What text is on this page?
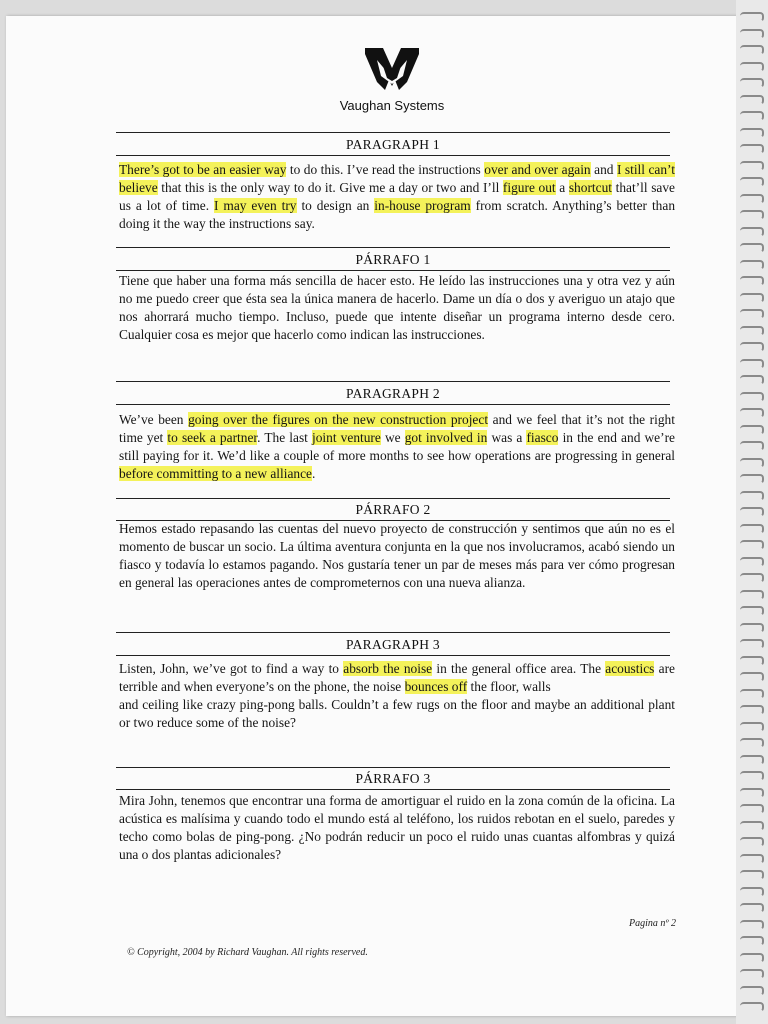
Vaughan Systems
PARAGRAPH 1
There’s got to be an easier way to do this. I’ve read the instructions over and over again and I still can’t believe that this is the only way to do it. Give me a day or two and I’ll figure out a shortcut that’ll save us a lot of time. I may even try to design an in-house program from scratch. Anything’s better than doing it the way the instructions say.
PÁRRAFO 1
Tiene que haber una forma más sencilla de hacer esto. He leído las instrucciones una y otra vez y aún no me puedo creer que ésta sea la única manera de hacerlo. Dame un día o dos y averiguo un atajo que nos ahorrará mucho tiempo. Incluso, puede que intente diseñar un programa interno desde cero. Cualquier cosa es mejor que hacerlo como indican las instrucciones.
PARAGRAPH 2
We’ve been going over the figures on the new construction project and we feel that it’s not the right time yet to seek a partner. The last joint venture we got involved in was a fiasco in the end and we’re still paying for it. We’d like a couple of more months to see how operations are progressing in general before committing to a new alliance.
PÁRRAFO 2
Hemos estado repasando las cuentas del nuevo proyecto de construcción y sentimos que aún no es el momento de buscar un socio. La última aventura conjunta en la que nos involucramos, acabó siendo un fiasco y todavía lo estamos pagando. Nos gustaría tener un par de meses más para ver cómo progresan en general las operaciones antes de comprometernos con una nueva alianza.
PARAGRAPH 3
Listen, John, we’ve got to find a way to absorb the noise in the general office area. The acoustics are terrible and when everyone’s on the phone, the noise bounces off the floor, walls
and ceiling like crazy ping-pong balls. Couldn’t a few rugs on the floor and maybe an additional plant or two reduce some of the noise?
PÁRRAFO 3
Mira John, tenemos que encontrar una forma de amortiguar el ruido en la zona común de la oficina. La acústica es malísima y cuando todo el mundo está al teléfono, los ruidos rebotan en el suelo, paredes y techo como bolas de ping-pong. ¿No podrán reducir un poco el ruido unas cuantas alfombras y quizá una o dos plantas adicionales?
Pagina nº 2
© Copyright, 2004 by Richard Vaughan. All rights reserved.
